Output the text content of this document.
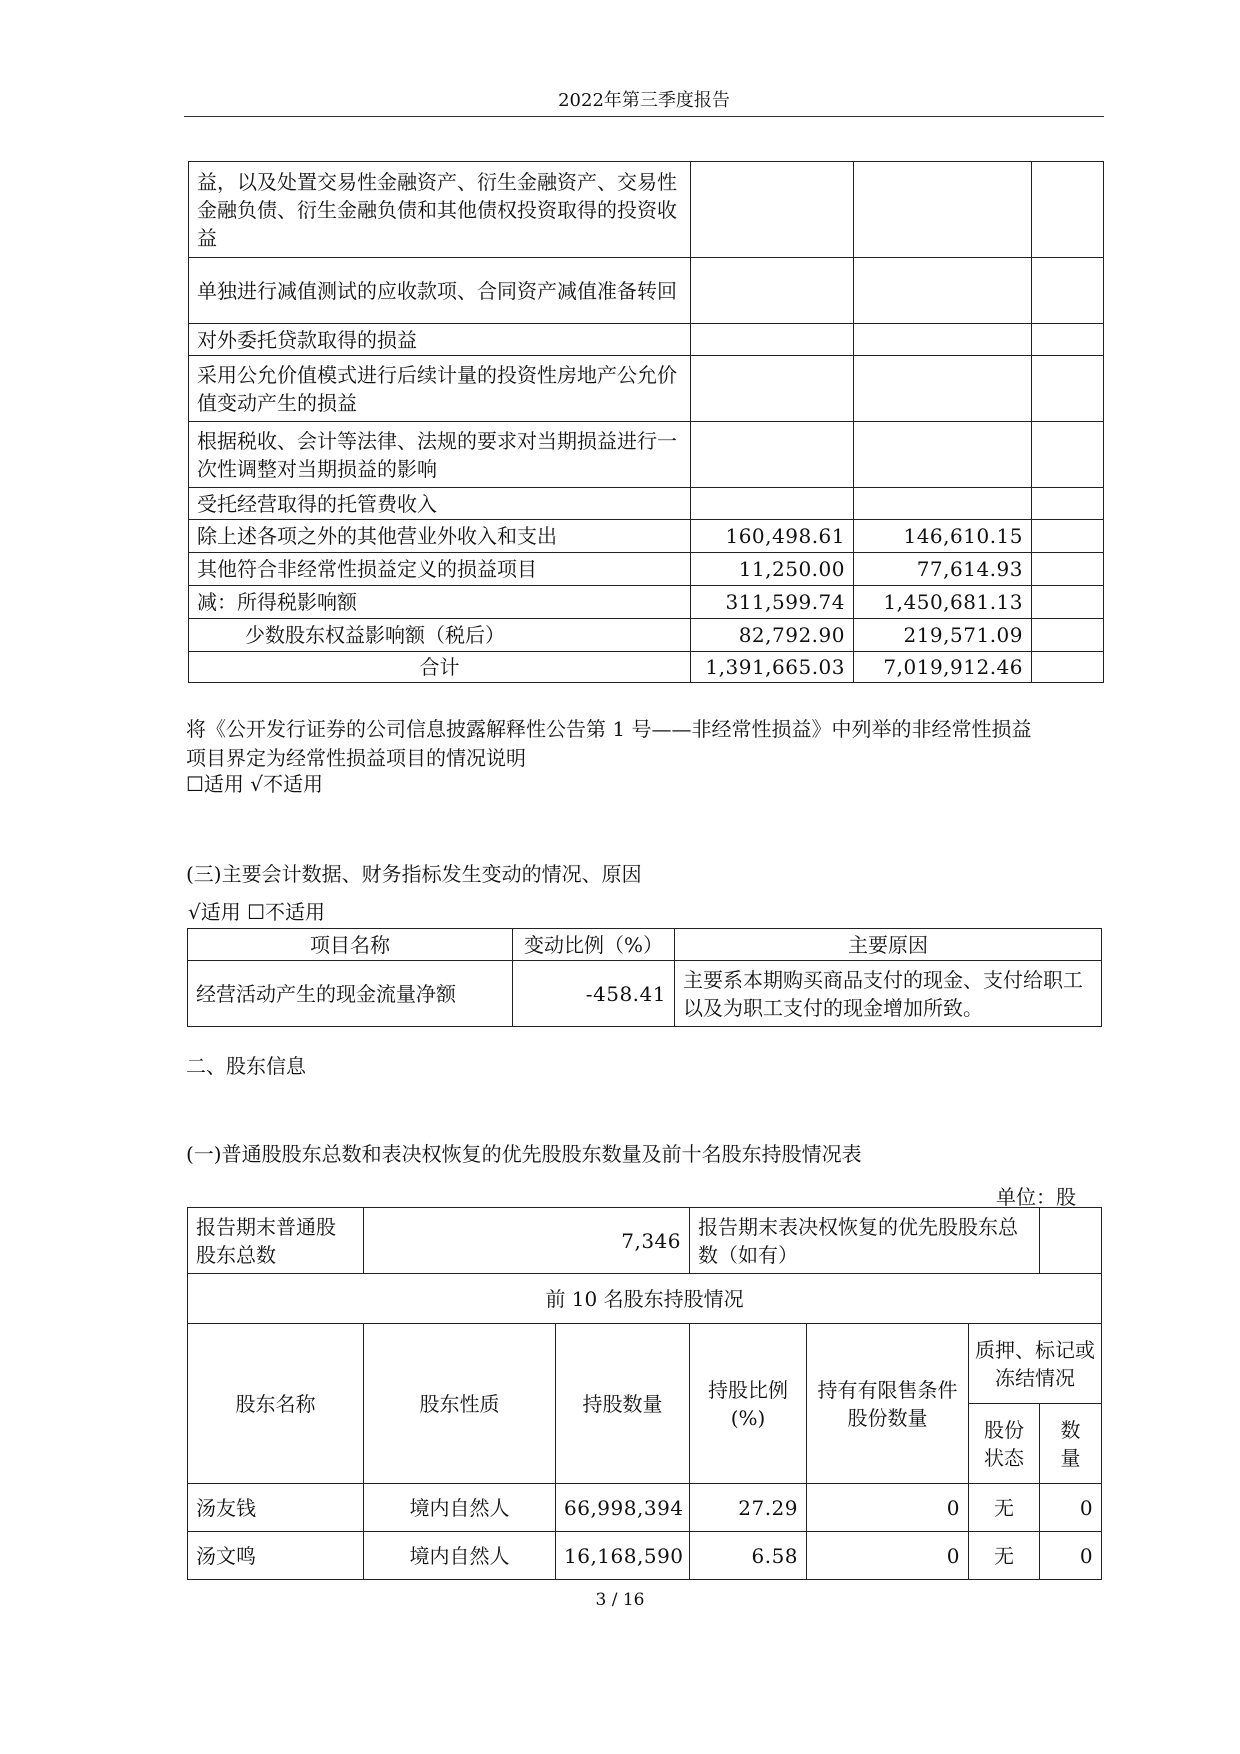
2022年第三季度报告
益，以及处置交易性金融资产、衍生金融资产、交易性金融负债、衍生金融负债和其他债权投资取得的投资收益			
单独进行减值测试的应收款项、合同资产减值准备转回			
对外委托贷款取得的损益			
采用公允价值模式进行后续计量的投资性房地产公允价值变动产生的损益			
根据税收、会计等法律、法规的要求对当期损益进行一次性调整对当期损益的影响			
受托经营取得的托管费收入			
除上述各项之外的其他营业外收入和支出	160,498.61	146,610.15	
其他符合非经常性损益定义的损益项目	11,250.00	77,614.93	
减：所得税影响额	311,599.74	1,450,681.13	
少数股东权益影响额（税后）	82,792.90	219,571.09	
合计	1,391,665.03	7,019,912.46	
将《公开发行证券的公司信息披露解释性公告第 1 号——非经常性损益》中列举的非经常性损益
项目界定为经常性损益项目的情况说明
☐适用 √不适用
(三)主要会计数据、财务指标发生变动的情况、原因
√适用 ☐不适用
项目名称	变动比例（%）	主要原因
经营活动产生的现金流量净额	-458.41	主要系本期购买商品支付的现金、支付给职工以及为职工支付的现金增加所致。
二、股东信息
(一)普通股股东总数和表决权恢复的优先股股东数量及前十名股东持股情况表
单位：股
报告期末普通股股东总数	7,346		报告期末表决权恢复的优先股股东总数（如有）			
前 10 名股东持股情况						
股东名称	股东性质	持股数量	持股比例(%)	持有有限售条件股份数量	质押、标记或冻结情况	
					股份状态	数量
汤友钱	境内自然人	66,998,394	27.29	0	无	0
汤文鸣	境内自然人	16,168,590	6.58	0	无	0
3 / 16
